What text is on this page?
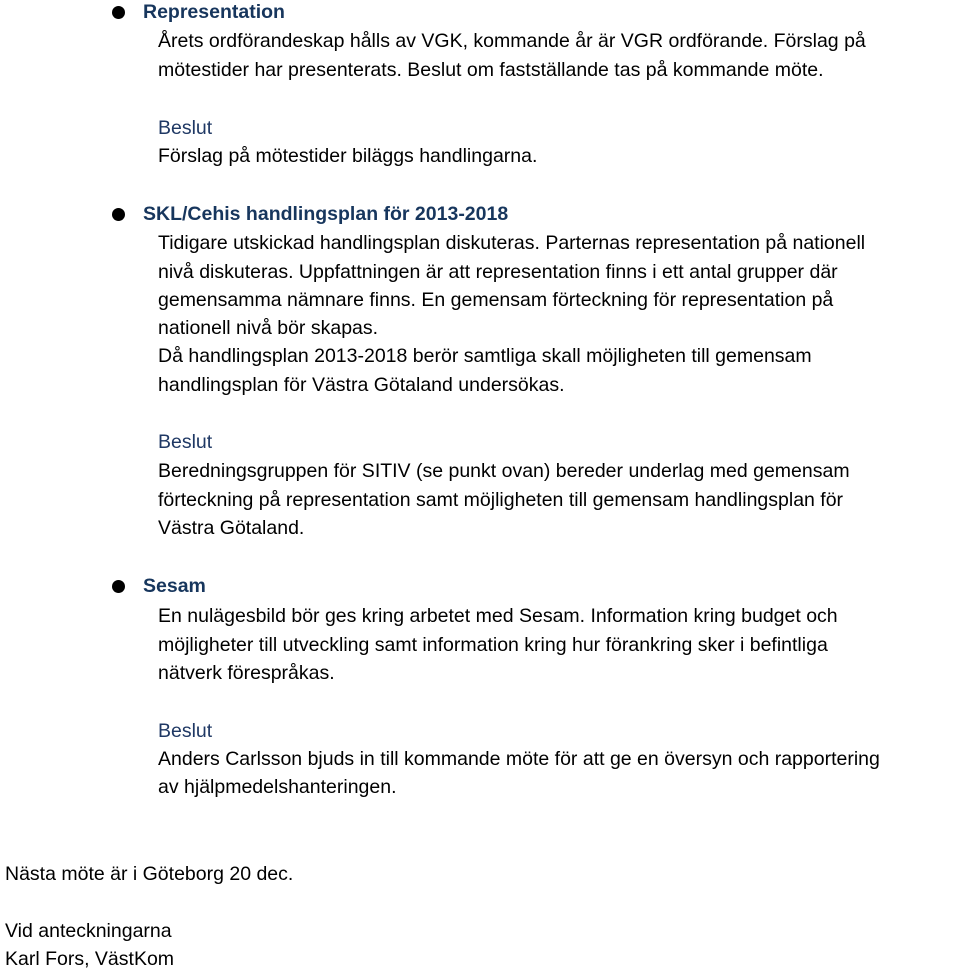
Representation
Årets ordförandeskap hålls av VGK, kommande år är VGR ordförande. Förslag på
mötestider har presenterats. Beslut om fastställande tas på kommande möte.
Beslut
Förslag på mötestider biläggs handlingarna.
SKL/Cehis handlingsplan för 2013-2018
Tidigare utskickad handlingsplan diskuteras. Parternas representation på nationell
nivå diskuteras. Uppfattningen är att representation finns i ett antal grupper där
gemensamma nämnare finns. En gemensam förteckning för representation på
nationell nivå bör skapas.
Då handlingsplan 2013-2018 berör samtliga skall möjligheten till gemensam
handlingsplan för Västra Götaland undersökas.
Beslut
Beredningsgruppen för SITIV (se punkt ovan) bereder underlag med gemensam
förteckning på representation samt möjligheten till gemensam handlingsplan för
Västra Götaland.
Sesam
En nulägesbild bör ges kring arbetet med Sesam. Information kring budget och
möjligheter till utveckling samt information kring hur förankring sker i befintliga
nätverk förespråkas.
Beslut
Anders Carlsson bjuds in till kommande möte för att ge en översyn och rapportering
av hjälpmedelshanteringen.
Nästa möte är i Göteborg 20 dec.
Vid anteckningarna
Karl Fors, VästKom
